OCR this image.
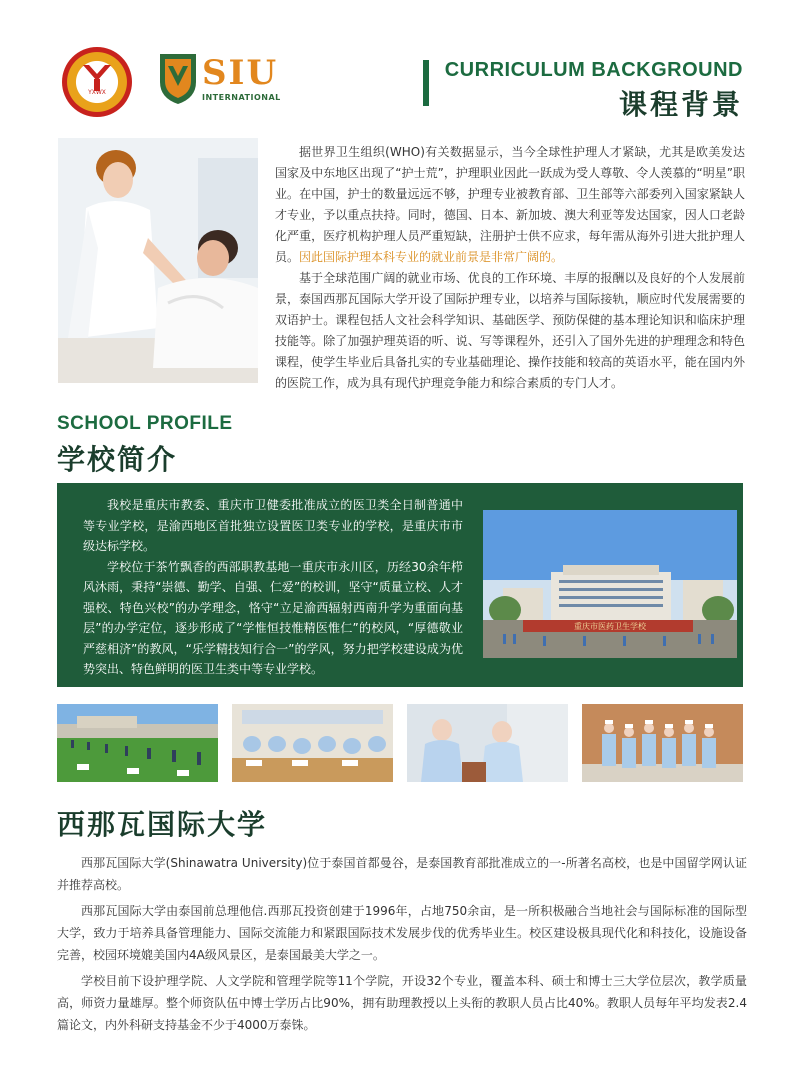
YXWX	SIU
INTERNATIONAL
CURRICULUM BACKGROUND
课程背景

据世界卫生组织(WHO)有关数据显示，当今全球性护理人才紧缺，尤其是欧美发达国家及中东地区出现了“护士荒”，护理职业因此一跃成为受人尊敬、令人羡慕的“明星”职业。在中国，护士的数量远远不够，护理专业被教育部、卫生部等六部委列入国家紧缺人才专业，予以重点扶持。同时，德国、日本、新加坡、澳大利亚等发达国家，因人口老龄化严重，医疗机构护理人员严重短缺，注册护士供不应求，每年需从海外引进大批护理人员。因此国际护理本科专业的就业前景是非常广阔的。

基于全球范围广阔的就业市场、优良的工作环境、丰厚的报酬以及良好的个人发展前景，泰国西那瓦国际大学开设了国际护理专业，以培养与国际接轨，顺应时代发展需要的双语护士。课程包括人文社会科学知识、基础医学、预防保健的基本理论知识和临床护理技能等。除了加强护理英语的听、说、写等课程外，还引入了国外先进的护理理念和特色课程，使学生毕业后具备扎实的专业基础理论、操作技能和较高的英语水平，能在国内外的医院工作，成为具有现代护理竞争能力和综合素质的专门人才。

SCHOOL PROFILE
学校简介

我校是重庆市教委、重庆市卫健委批准成立的医卫类全日制普通中等专业学校，是渝西地区首批独立设置医卫类专业的学校，是重庆市市级达标学校。

学校位于茶竹飘香的西部职教基地一重庆市永川区，历经30余年栉风沐雨，秉持“崇德、勤学、自强、仁爱”的校训，坚守“质量立校、人才强校、特色兴校”的办学理念，恪守“立足渝西辐射西南升学为重面向基层”的办学定位，逐步形成了“学惟恒技惟精医惟仁”的校风，“厚德敬业严慈相济”的教风，“乐学精技知行合一”的学风，努力把学校建设成为优势突出、特色鲜明的医卫生类中等专业学校。

重庆市医药卫生学校
西那瓦国际大学

西那瓦国际大学(Shinawatra University)位于泰国首都曼谷，是泰国教育部批准成立的一-所著名高校，也是中国留学网认证并推荐高校。

西那瓦国际大学由泰国前总理他信.西那瓦投资创建于1996年，占地750余亩，是一所积极融合当地社会与国际标准的国际型大学，致力于培养具备管理能力、国际交流能力和紧跟国际技术发展步伐的优秀毕业生。校区建设极具现代化和科技化，设施设备完善，校园环境媲美国内4A级风景区，是泰国最美大学之一。

学校目前下设护理学院、人文学院和管理学院等11个学院，开设32个专业，覆盖本科、硕士和博士三大学位层次，教学质量高，师资力量雄厚。整个师资队伍中博士学历占比90%，拥有助理教授以上头衔的教职人员占比40%。教职人员每年平均发表2.4篇论文，内外科研支持基金不少于4000万泰铢。
